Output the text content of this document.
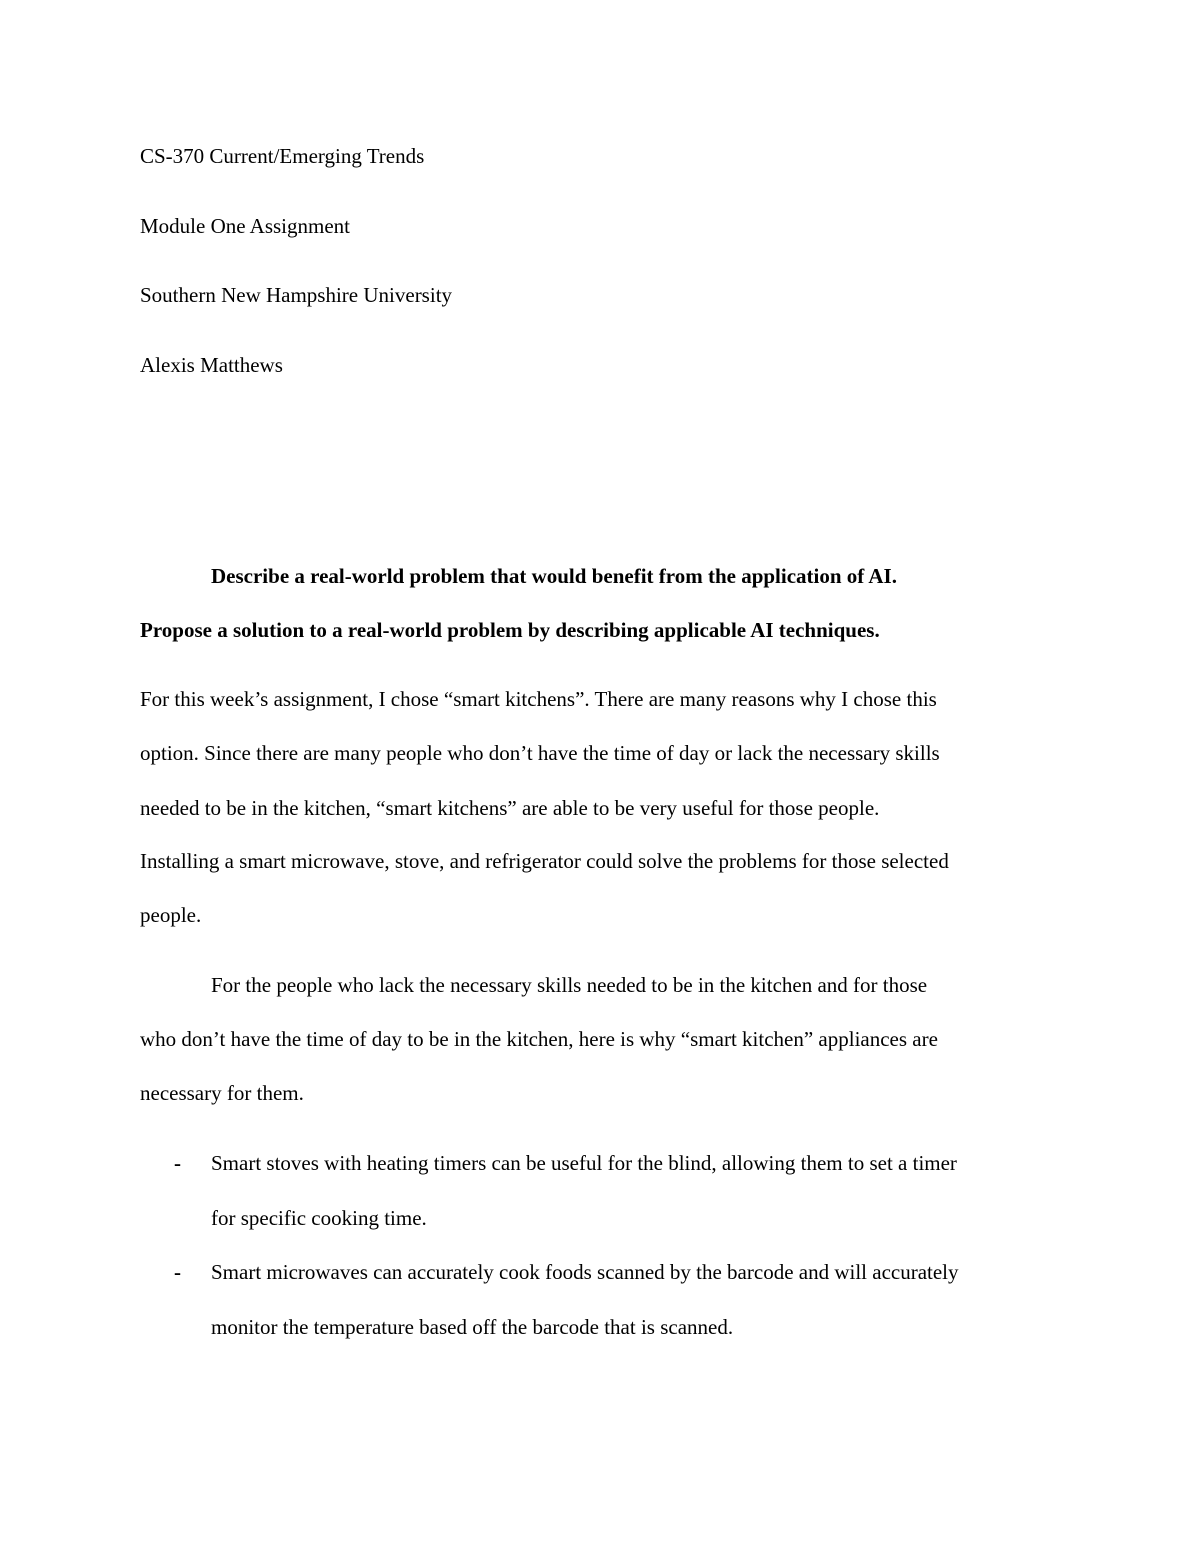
CS-370 Current/Emerging Trends
Module One Assignment
Southern New Hampshire University
Alexis Matthews
Describe a real-world problem that would benefit from the application of AI.
Propose a solution to a real-world problem by describing applicable AI techniques.
For this week’s assignment, I chose “smart kitchens”. There are many reasons why I chose this
option. Since there are many people who don’t have the time of day or lack the necessary skills
needed to be in the kitchen, “smart kitchens” are able to be very useful for those people.
Installing a smart microwave, stove, and refrigerator could solve the problems for those selected
people.
For the people who lack the necessary skills needed to be in the kitchen and for those
who don’t have the time of day to be in the kitchen, here is why “smart kitchen” appliances are
necessary for them.
- Smart stoves with heating timers can be useful for the blind, allowing them to set a timer
for specific cooking time.
- Smart microwaves can accurately cook foods scanned by the barcode and will accurately
monitor the temperature based off the barcode that is scanned.
